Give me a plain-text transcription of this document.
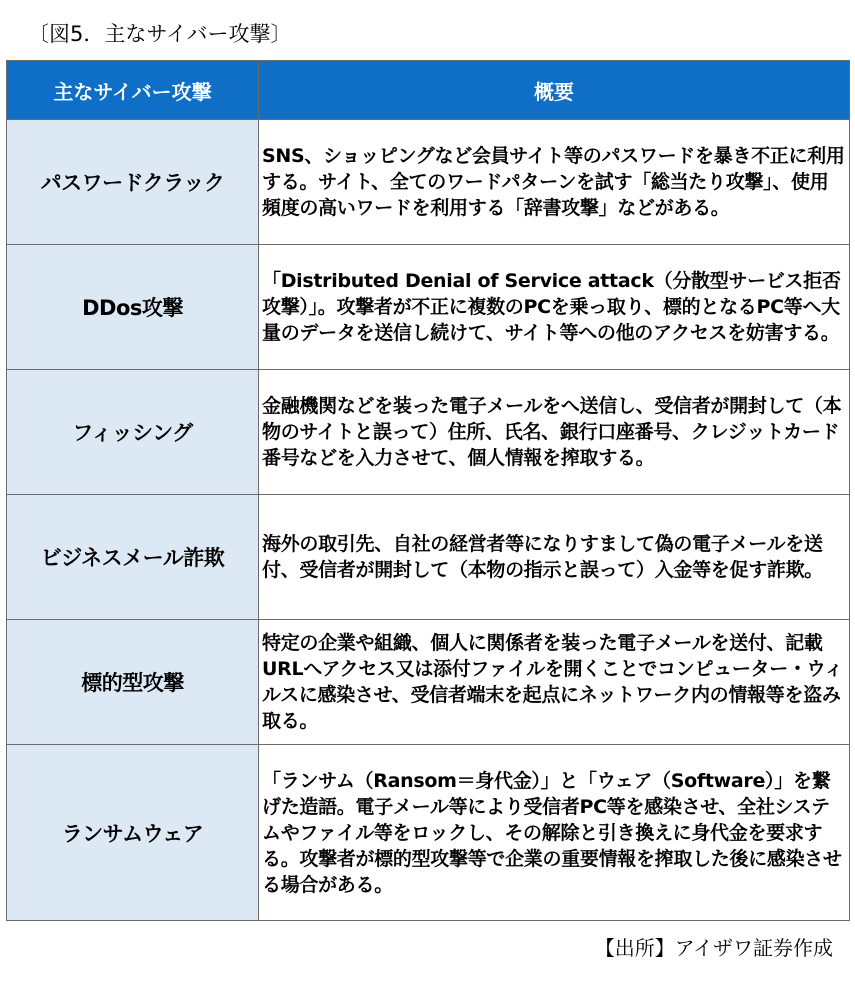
〔図5．主なサイバー攻撃〕
主なサイバー攻撃	概要
パスワードクラック	SNS、ショッピングなど会員サイト等のパスワードを暴き不正に利用する。サイト、全てのワードパターンを試す「総当たり攻撃」、使用頻度の高いワードを利用する「辞書攻撃」などがある。
DDos攻撃	「Distributed Denial of Service attack（分散型サービス拒否攻撃）」。攻撃者が不正に複数のPCを乗っ取り、標的となるPC等へ大量のデータを送信し続けて、サイト等への他のアクセスを妨害する。
フィッシング	金融機関などを装った電子メールをへ送信し、受信者が開封して（本物のサイトと誤って）住所、氏名、銀行口座番号、クレジットカード番号などを入力させて、個人情報を搾取する。
ビジネスメール詐欺	海外の取引先、自社の経営者等になりすまして偽の電子メールを送付、受信者が開封して（本物の指示と誤って）入金等を促す詐欺。
標的型攻撃	特定の企業や組織、個人に関係者を装った電子メールを送付、記載URLへアクセス又は添付ファイルを開くことでコンピューター・ウィルスに感染させ、受信者端末を起点にネットワーク内の情報等を盗み取る。
ランサムウェア	「ランサム（Ransom＝身代金）」と「ウェア（Software）」を繋げた造語。電子メール等により受信者PC等を感染させ、全社システムやファイル等をロックし、その解除と引き換えに身代金を要求する。攻撃者が標的型攻撃等で企業の重要情報を搾取した後に感染させる場合がある。
【出所】アイザワ証券作成
